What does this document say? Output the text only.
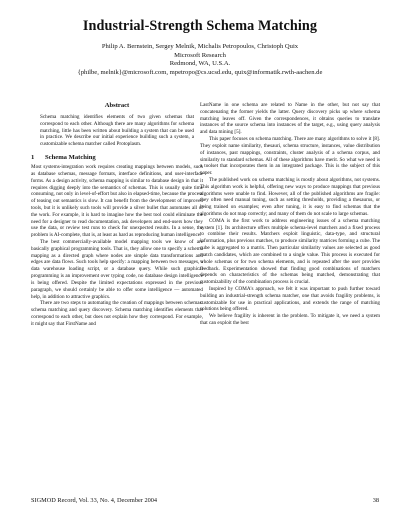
Industrial-Strength Schema Matching
Philip A. Bernstein, Sergey Melnik, Michalis Petropoulos, Christoph Quix
Microsoft Research
Redmond, WA, U.S.A.
{philbe, melnik}@microsoft.com, mpetropo@cs.ucsd.edu, quix@informatik.rwth-aachen.de
Abstract

Schema matching identifies elements of two given schemas that correspond to each other. Although there are many algorithms for schema matching, little has been written about building a system that can be used in practice. We describe our initial experience building such a system, a customizable schema matcher called Protoplasm.

1 Schema Matching

Most systems-integration work requires creating mappings between models, such as database schemas, message formats, interface definitions, and user-interface forms. As a design activity, schema mapping is similar to database design in that it requires digging deeply into the semantics of schemas. This is usually quite time consuming, not only in level-of-effort but also in elapsed-time, because the process of teasing out semantics is slow. It can benefit from the development of improved tools, but it is unlikely such tools will provide a silver bullet that automates all of the work. For example, it is hard to imagine how the best tool could eliminate the need for a designer to read documentation, ask developers and end-users how they use the data, or review test runs to check for unexpected results. In a sense, the problem is AI-complete, that is, at least as hard as reproducing human intelligence.

The best commercially-available model mapping tools we know of are basically graphical programming tools. That is, they allow one to specify a schema mapping as a directed graph where nodes are simple data transformations and edges are data flows. Such tools help specify: a mapping between two messages, a data warehouse loading script, or a database query. While such graphical programming is an improvement over typing code, no database design intelligence is being offered. Despite the limited expectations expressed in the previous paragraph, we should certainly be able to offer some intelligence — automated help, in addition to attractive graphics.

There are two steps to automating the creation of mappings between schemas: schema matching and query discovery. Schema matching identifies elements that correspond to each other, but does not explain how they correspond. For example, it might say that FirstName and

LastName in one schema are related to Name in the other, but not say that concatenating the former yields the latter. Query discovery picks up where schema matching leaves off. Given the correspondences, it obtains queries to translate instances of the source schema into instances of the target, e.g., using query analysis and data mining [5].

This paper focuses on schema matching. There are many algorithms to solve it [8]. They exploit name similarity, thesauri, schema structure, instances, value distribution of instances, past mappings, constraints, cluster analysis of a schema corpus, and similarity to standard schemas. All of these algorithms have merit. So what we need is a toolset that incorporates them in an integrated package. This is the subject of this paper.

The published work on schema matching is mostly about algorithms, not systems. This algorithm work is helpful, offering new ways to produce mappings that previous algorithms were unable to find. However, all of the published algorithms are fragile: they often need manual tuning, such as setting thresholds, providing a thesaurus, or being trained on examples; even after tuning, it is easy to find schemas that the algorithms do not map correctly; and many of them do not scale to large schemas.

COMA is the first work to address engineering issues of a schema matching system [1]. Its architecture offers multiple schema-level matchers and a fixed process to combine their results. Matchers exploit linguistic, data-type, and structural information, plus previous matches, to produce similarity matrices forming a cube. The cube is aggregated to a matrix. Then particular similarity values are selected as good match candidates, which are combined to a single value. This process is executed for whole schemas or for two schema elements, and is repeated after the user provides feedback. Experimentation showed that finding good combinations of matchers depends on characteristics of the schemas being matched, demonstrating that customizability of the combination process is crucial.

Inspired by COMA's approach, we felt it was important to push further toward building an industrial-strength schema matcher, one that avoids fragility problems, is customizable for use in practical applications, and extends the range of matching solutions being offered.

We believe fragility is inherent in the problem. To mitigate it, we need a system that can exploit the best

SIGMOD Record, Vol. 33, No. 4, December 2004	38
